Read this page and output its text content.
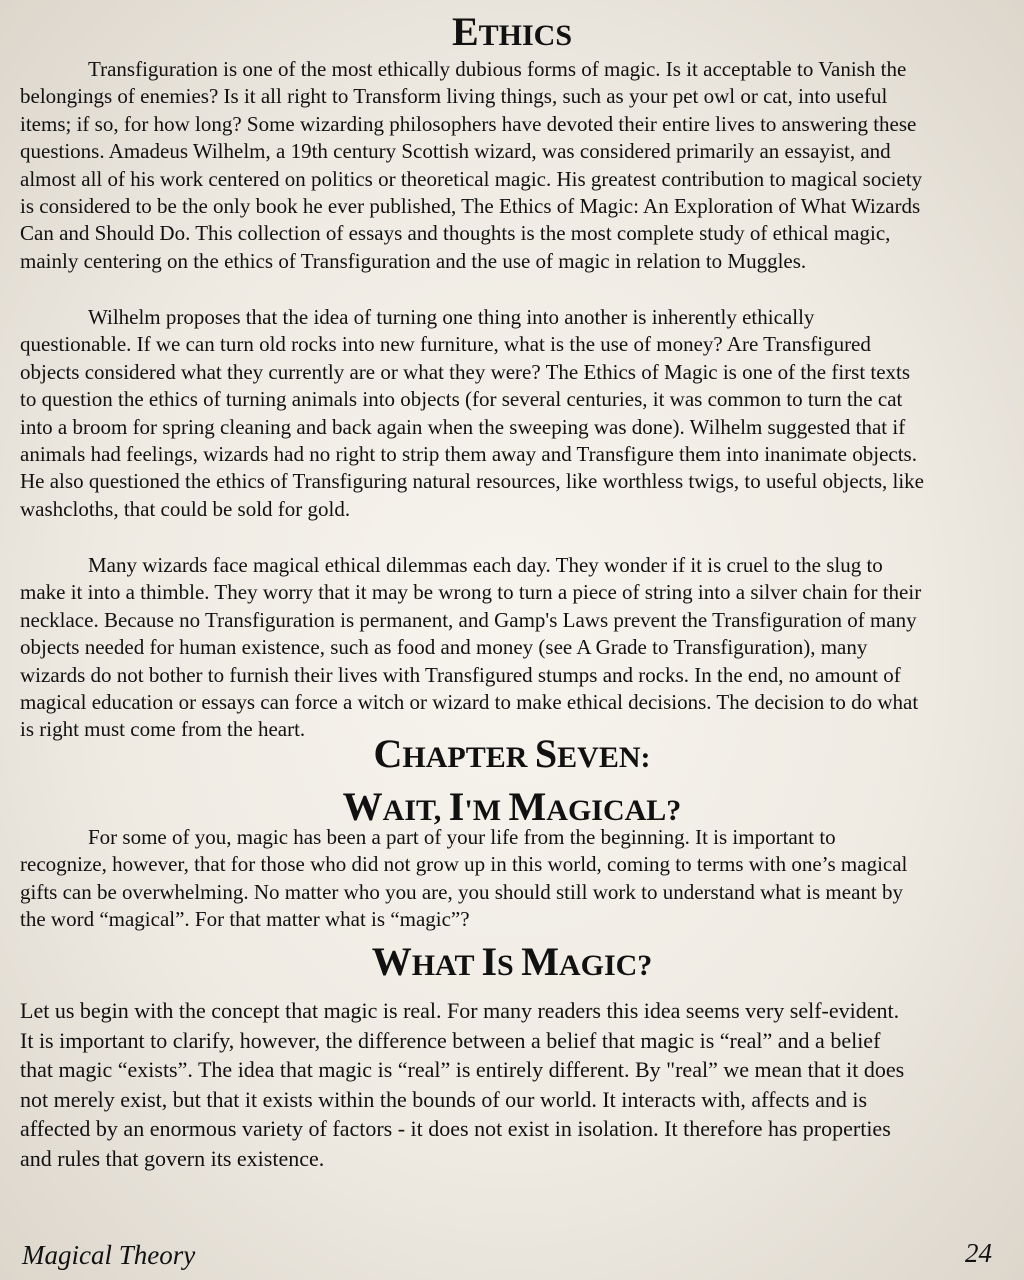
ETHICS
Transfiguration is one of the most ethically dubious forms of magic. Is it acceptable to Vanish the
belongings of enemies? Is it all right to Transform living things, such as your pet owl or cat, into useful
items; if so, for how long? Some wizarding philosophers have devoted their entire lives to answering these
questions. Amadeus Wilhelm, a 19th century Scottish wizard, was considered primarily an essayist, and
almost all of his work centered on politics or theoretical magic. His greatest contribution to magical society
is considered to be the only book he ever published, The Ethics of Magic: An Exploration of What Wizards
Can and Should Do. This collection of essays and thoughts is the most complete study of ethical magic,
mainly centering on the ethics of Transfiguration and the use of magic in relation to Muggles.
Wilhelm proposes that the idea of turning one thing into another is inherently ethically
questionable. If we can turn old rocks into new furniture, what is the use of money? Are Transfigured
objects considered what they currently are or what they were? The Ethics of Magic is one of the first texts
to question the ethics of turning animals into objects (for several centuries, it was common to turn the cat
into a broom for spring cleaning and back again when the sweeping was done). Wilhelm suggested that if
animals had feelings, wizards had no right to strip them away and Transfigure them into inanimate objects.
He also questioned the ethics of Transfiguring natural resources, like worthless twigs, to useful objects, like
washcloths, that could be sold for gold.
Many wizards face magical ethical dilemmas each day. They wonder if it is cruel to the slug to
make it into a thimble. They worry that it may be wrong to turn a piece of string into a silver chain for their
necklace. Because no Transfiguration is permanent, and Gamp's Laws prevent the Transfiguration of many
objects needed for human existence, such as food and money (see A Grade to Transfiguration), many
wizards do not bother to furnish their lives with Transfigured stumps and rocks. In the end, no amount of
magical education or essays can force a witch or wizard to make ethical decisions. The decision to do what
is right must come from the heart.
CHAPTER SEVEN:
WAIT, I'M MAGICAL?
For some of you, magic has been a part of your life from the beginning. It is important to
recognize, however, that for those who did not grow up in this world, coming to terms with one’s magical
gifts can be overwhelming. No matter who you are, you should still work to understand what is meant by
the word “magical”. For that matter what is “magic”?
WHAT IS MAGIC?
Let us begin with the concept that magic is real. For many readers this idea seems very self-evident.
It is important to clarify, however, the difference between a belief that magic is “real” and a belief
that magic “exists”. The idea that magic is “real” is entirely different. By "real” we mean that it does
not merely exist, but that it exists within the bounds of our world. It interacts with, affects and is
affected by an enormous variety of factors - it does not exist in isolation. It therefore has properties
and rules that govern its existence.
Magical Theory	24
